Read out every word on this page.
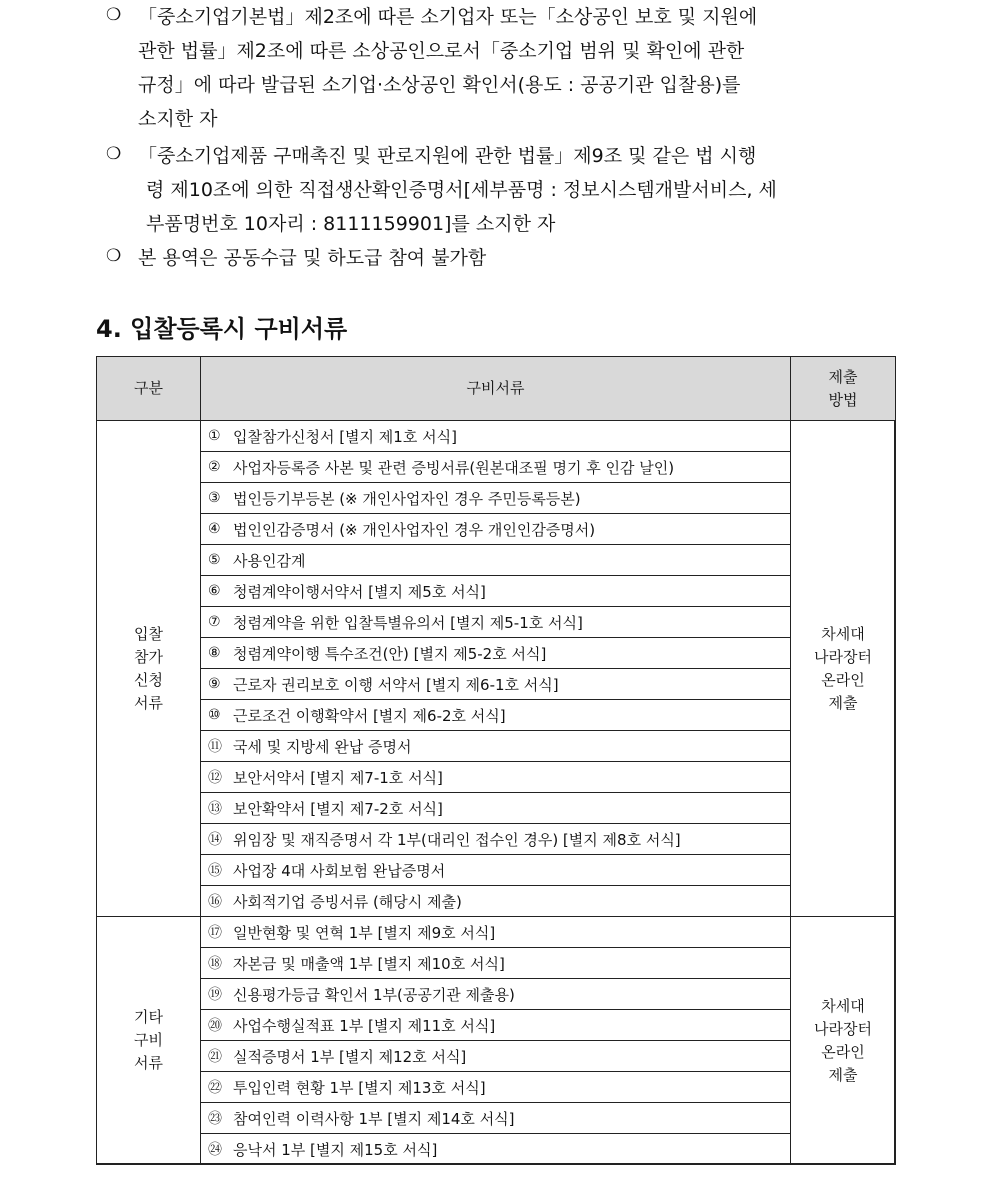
❍ 「중소기업기본법」제2조에 따른 소기업자 또는「소상공인 보호 및 지원에
관한 법률」제2조에 따른 소상공인으로서「중소기업 범위 및 확인에 관한
규정」에 따라 발급된 소기업·소상공인 확인서(용도 : 공공기관 입찰용)를
소지한 자
❍ 「중소기업제품 구매촉진 및 판로지원에 관한 법률」제9조 및 같은 법 시행
령 제10조에 의한 직접생산확인증명서[세부품명 : 정보시스템개발서비스, 세
부품명번호 10자리 : 8111159901]를 소지한 자
❍ 본 용역은 공동수급 및 하도급 참여 불가함
4. 입찰등록시 구비서류
구분	구비서류
제출
방법
입찰
참가
신청
서류
차세대
나라장터
온라인
제출
① 입찰참가신청서 [별지 제1호 서식]
② 사업자등록증 사본 및 관련 증빙서류(원본대조필 명기 후 인감 날인)
③ 법인등기부등본 (※ 개인사업자인 경우 주민등록등본)
④ 법인인감증명서 (※ 개인사업자인 경우 개인인감증명서)
⑤ 사용인감계
⑥ 청렴계약이행서약서 [별지 제5호 서식]
⑦ 청렴계약을 위한 입찰특별유의서 [별지 제5-1호 서식]
⑧ 청렴계약이행 특수조건(안) [별지 제5-2호 서식]
⑨ 근로자 권리보호 이행 서약서 [별지 제6-1호 서식]
⑩ 근로조건 이행확약서 [별지 제6-2호 서식]
⑪ 국세 및 지방세 완납 증명서
⑫ 보안서약서 [별지 제7-1호 서식]
⑬ 보안확약서 [별지 제7-2호 서식]
⑭ 위임장 및 재직증명서 각 1부(대리인 접수인 경우) [별지 제8호 서식]
⑮ 사업장 4대 사회보험 완납증명서
⑯ 사회적기업 증빙서류 (해당시 제출)
기타
구비
서류
차세대
나라장터
온라인
제출
⑰ 일반현황 및 연혁 1부 [별지 제9호 서식]
⑱ 자본금 및 매출액 1부 [별지 제10호 서식]
⑲ 신용평가등급 확인서 1부(공공기관 제출용)
⑳ 사업수행실적표 1부 [별지 제11호 서식]
㉑ 실적증명서 1부 [별지 제12호 서식]
㉒ 투입인력 현황 1부 [별지 제13호 서식]
㉓ 참여인력 이력사항 1부 [별지 제14호 서식]
㉔ 응낙서 1부 [별지 제15호 서식]
